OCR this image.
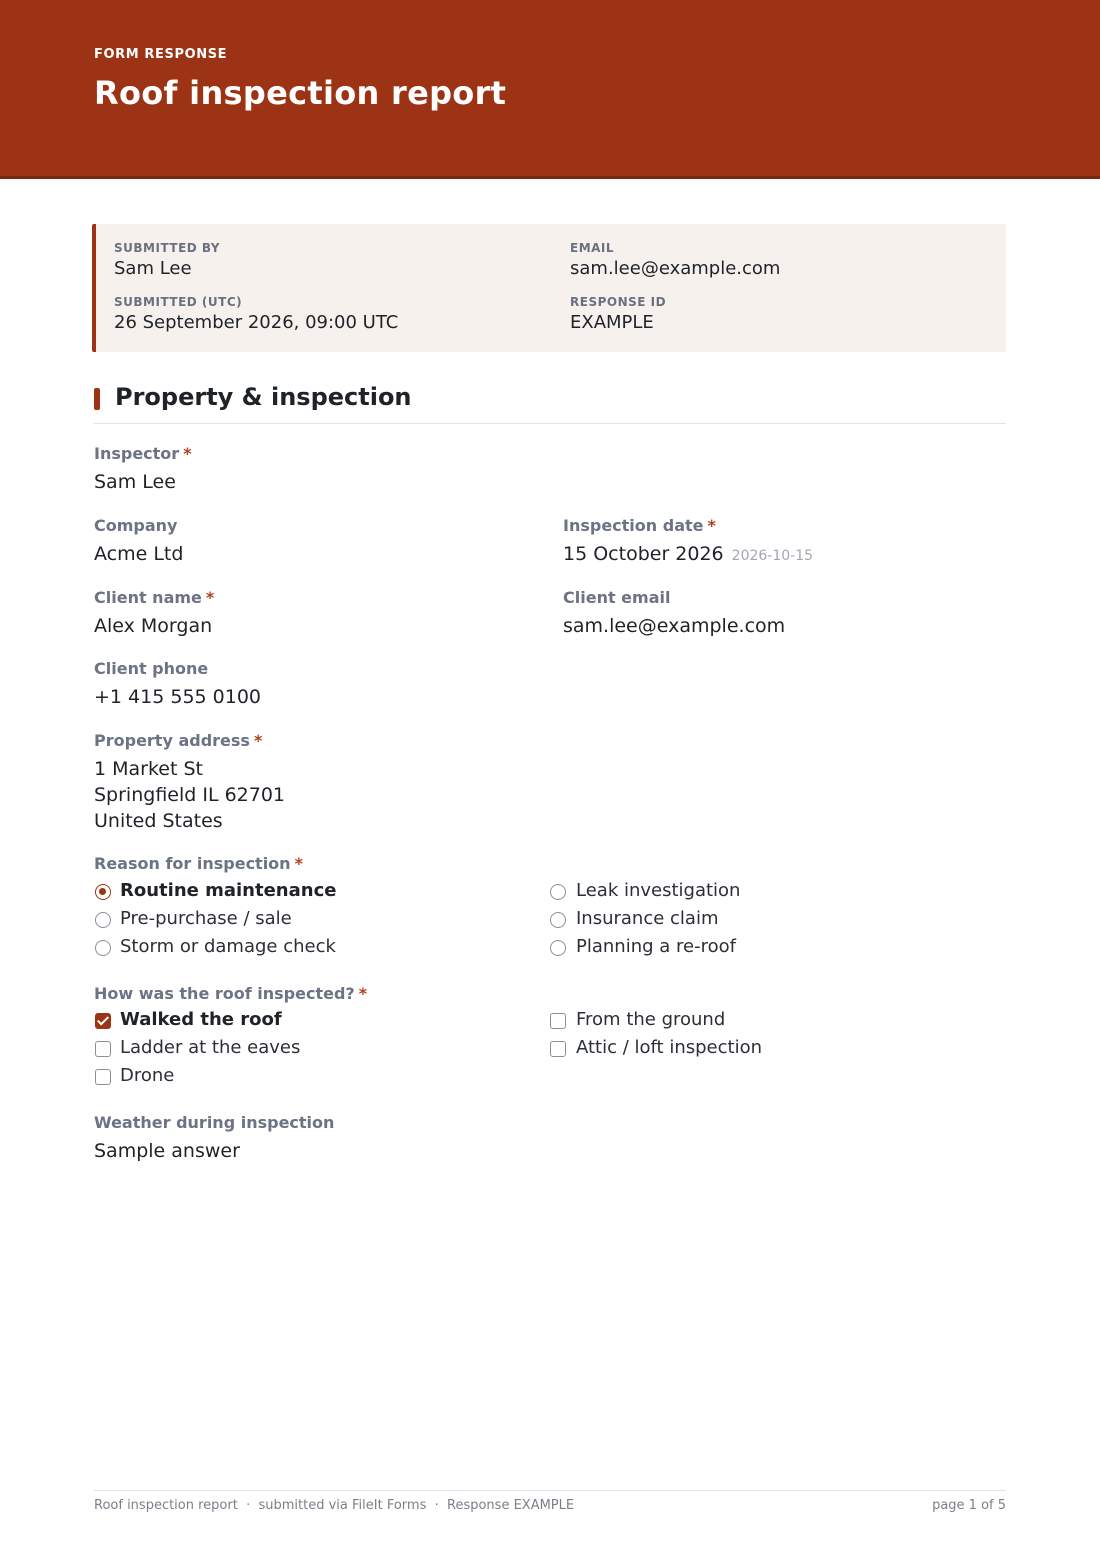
FORM RESPONSE
Roof inspection report
SUBMITTED BY
Sam Lee
EMAIL
sam.lee@example.com
SUBMITTED (UTC)
26 September 2026, 09:00 UTC
RESPONSE ID
EXAMPLE
Property & inspection
Inspector *
Sam Lee
Company
Acme Ltd
Inspection date *
15 October 2026 2026-10-15
Client name *
Alex Morgan
Client email
sam.lee@example.com
Client phone
+1 415 555 0100
Property address *
1 Market St
Springfield IL 62701
United States
Reason for inspection *
Routine maintenance
Pre-purchase / sale
Storm or damage check
Leak investigation
Insurance claim
Planning a re-roof
How was the roof inspected? *
Walked the roof
Ladder at the eaves
Drone
From the ground
Attic / loft inspection
Weather during inspection
Sample answer
Roof inspection report  ·  submitted via FileIt Forms  ·  Response EXAMPLE	page 1 of 5
